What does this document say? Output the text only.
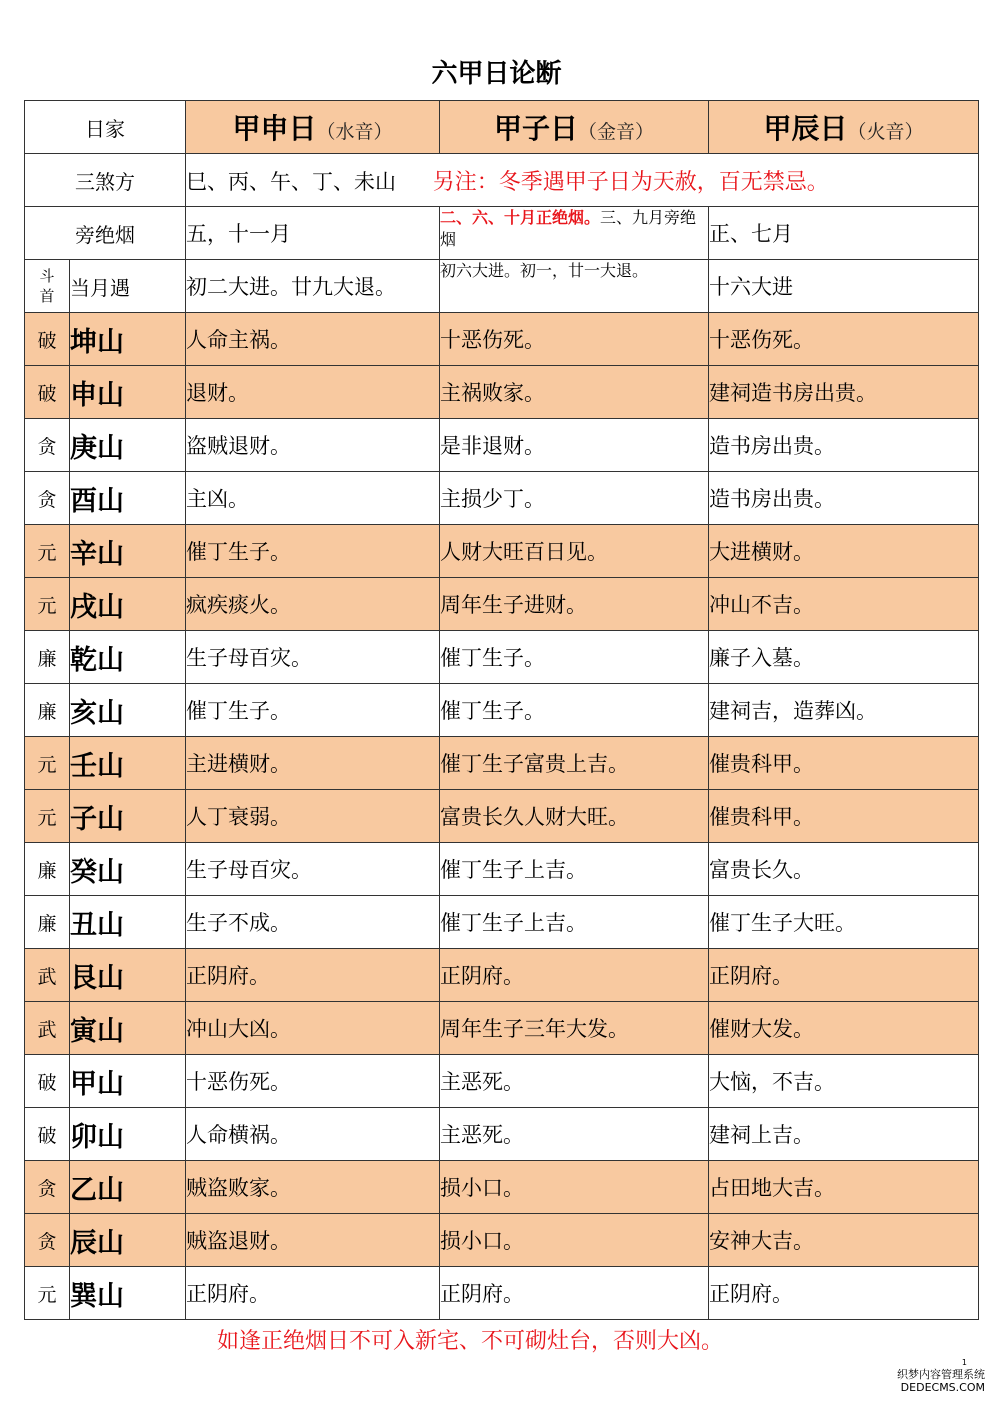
六甲日论断
日家		甲申日（水音）	甲子日（金音）	甲辰日（火音）
三煞方		巳、丙、午、丁、未山 另注：冬季遇甲子日为天赦，百无禁忌。		
旁绝烟		五，十一月	二、六、十月正绝烟。三、九月旁绝烟	正、七月
斗首	当月遇	初二大进。廿九大退。	初六大进。初一，廿一大退。	十六大进
破	坤山	人命主祸。	十恶伤死。	十恶伤死。
破	申山	退财。	主祸败家。	建祠造书房出贵。
贪	庚山	盗贼退财。	是非退财。	造书房出贵。
贪	酉山	主凶。	主损少丁。	造书房出贵。
元	辛山	催丁生子。	人财大旺百日见。	大进横财。
元	戌山	疯疾痰火。	周年生子进财。	冲山不吉。
廉	乾山	生子母百灾。	催丁生子。	廉子入墓。
廉	亥山	催丁生子。	催丁生子。	建祠吉，造葬凶。
元	壬山	主进横财。	催丁生子富贵上吉。	催贵科甲。
元	子山	人丁衰弱。	富贵长久人财大旺。	催贵科甲。
廉	癸山	生子母百灾。	催丁生子上吉。	富贵长久。
廉	丑山	生子不成。	催丁生子上吉。	催丁生子大旺。
武	艮山	正阴府。	正阴府。	正阴府。
武	寅山	冲山大凶。	周年生子三年大发。	催财大发。
破	甲山	十恶伤死。	主恶死。	大恼，不吉。
破	卯山	人命横祸。	主恶死。	建祠上吉。
贪	乙山	贼盗败家。	损小口。	占田地大吉。
贪	辰山	贼盗退财。	损小口。	安神大吉。
元	巽山	正阴府。	正阴府。	正阴府。
如逢正绝烟日不可入新宅、不可砌灶台，否则大凶。
1
织梦内容管理系统
DEDECMS.COM
